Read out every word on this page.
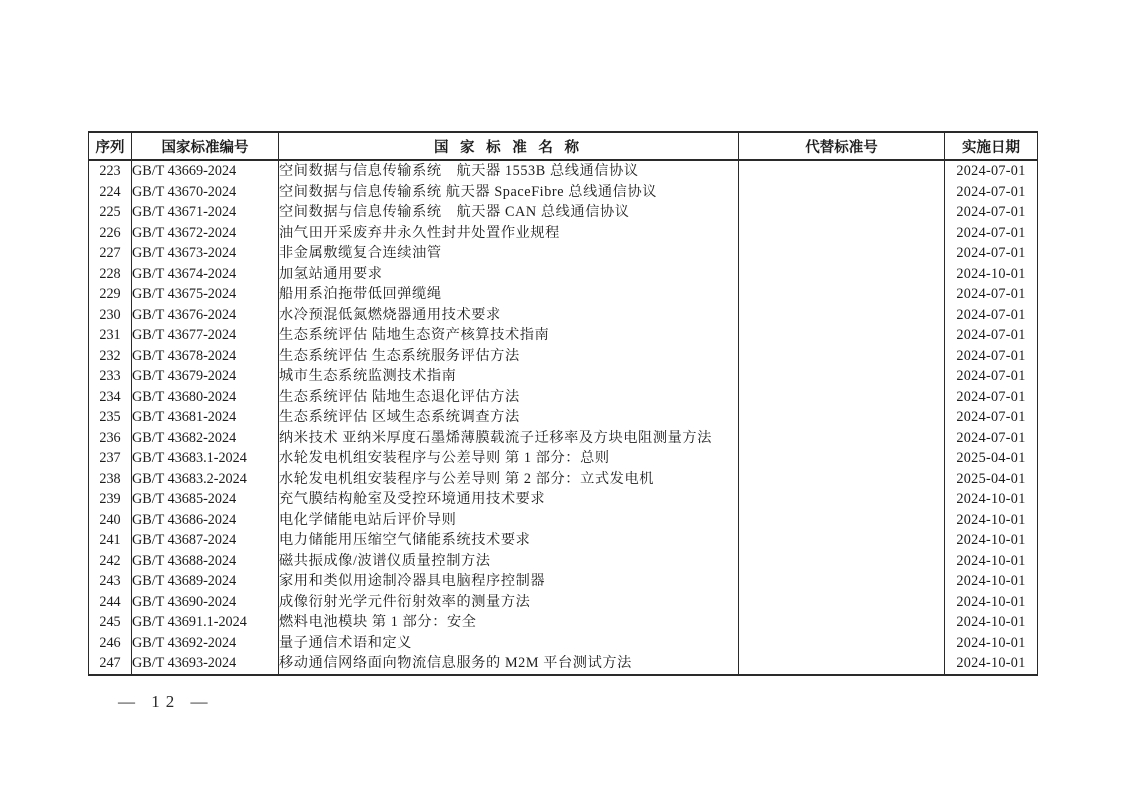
序列	国家标准编号	国 家 标 准 名 称	代替标准号	实施日期
223	GB/T 43669-2024	空间数据与信息传输系统　航天器 1553B 总线通信协议		2024-07-01
224	GB/T 43670-2024	空间数据与信息传输系统 航天器 SpaceFibre 总线通信协议		2024-07-01
225	GB/T 43671-2024	空间数据与信息传输系统　航天器 CAN 总线通信协议		2024-07-01
226	GB/T 43672-2024	油气田开采废弃井永久性封井处置作业规程		2024-07-01
227	GB/T 43673-2024	非金属敷缆复合连续油管		2024-07-01
228	GB/T 43674-2024	加氢站通用要求		2024-10-01
229	GB/T 43675-2024	船用系泊拖带低回弹缆绳		2024-07-01
230	GB/T 43676-2024	水冷预混低氮燃烧器通用技术要求		2024-07-01
231	GB/T 43677-2024	生态系统评估 陆地生态资产核算技术指南		2024-07-01
232	GB/T 43678-2024	生态系统评估 生态系统服务评估方法		2024-07-01
233	GB/T 43679-2024	城市生态系统监测技术指南		2024-07-01
234	GB/T 43680-2024	生态系统评估 陆地生态退化评估方法		2024-07-01
235	GB/T 43681-2024	生态系统评估 区域生态系统调查方法		2024-07-01
236	GB/T 43682-2024	纳米技术 亚纳米厚度石墨烯薄膜载流子迁移率及方块电阻测量方法		2024-07-01
237	GB/T 43683.1-2024	水轮发电机组安装程序与公差导则 第 1 部分：总则		2025-04-01
238	GB/T 43683.2-2024	水轮发电机组安装程序与公差导则 第 2 部分：立式发电机		2025-04-01
239	GB/T 43685-2024	充气膜结构舱室及受控环境通用技术要求		2024-10-01
240	GB/T 43686-2024	电化学储能电站后评价导则		2024-10-01
241	GB/T 43687-2024	电力储能用压缩空气储能系统技术要求		2024-10-01
242	GB/T 43688-2024	磁共振成像/波谱仪质量控制方法		2024-10-01
243	GB/T 43689-2024	家用和类似用途制冷器具电脑程序控制器		2024-10-01
244	GB/T 43690-2024	成像衍射光学元件衍射效率的测量方法		2024-10-01
245	GB/T 43691.1-2024	燃料电池模块 第 1 部分：安全		2024-10-01
246	GB/T 43692-2024	量子通信术语和定义		2024-10-01
247	GB/T 43693-2024	移动通信网络面向物流信息服务的 M2M 平台测试方法		2024-10-01
— 12 —
